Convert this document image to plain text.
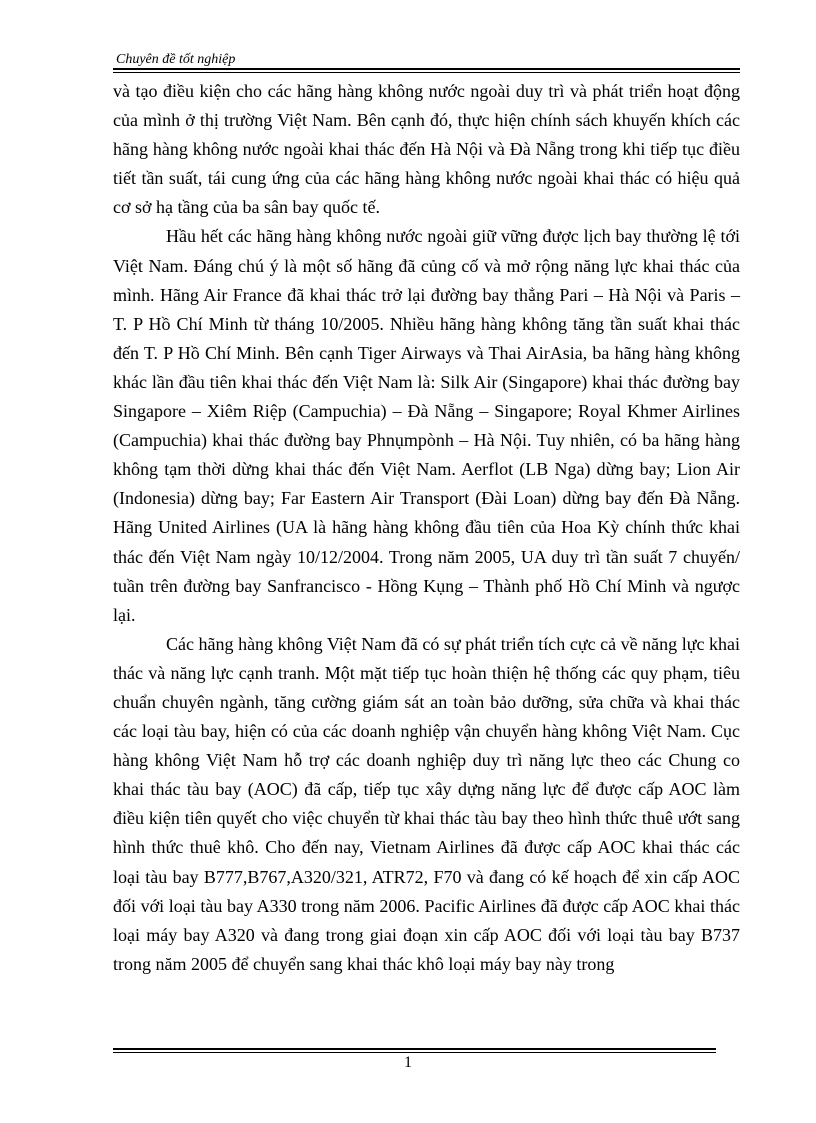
Chuyên đề tốt nghiệp

và tạo điều kiện cho các hãng hàng không nước ngoài duy trì và phát triển hoạt động của mình ở thị trường Việt Nam. Bên cạnh đó, thực hiện chính sách khuyến khích các hãng hàng không nước ngoài khai thác đến Hà Nội và Đà Nẵng trong khi tiếp tục điều tiết tần suất, tái cung ứng của các hãng hàng không nước ngoài khai thác có hiệu quả cơ sở hạ tầng của ba sân bay quốc tế.

Hầu hết các hãng hàng không nước ngoài giữ vững được lịch bay thường lệ tới Việt Nam. Đáng chú ý là một số hãng đã củng cố và mở rộng năng lực khai thác của mình. Hãng Air France đã khai thác trở lại đường bay thẳng Pari – Hà Nội và Paris – T. P Hồ Chí Minh từ tháng 10/2005. Nhiều hãng hàng không tăng tần suất khai thác đến T. P Hồ Chí Minh. Bên cạnh Tiger Airways và Thai AirAsia, ba hãng hàng không khác lần đầu tiên khai thác đến Việt Nam là: Silk Air (Singapore) khai thác đường bay Singapore – Xiêm Riệp (Campuchia) – Đà Nẵng – Singapore; Royal Khmer Airlines (Campuchia) khai thác đường bay Phnụmpònh – Hà Nội. Tuy nhiên, có ba hãng hàng không tạm thời dừng khai thác đến Việt Nam. Aerflot (LB Nga) dừng bay; Lion Air (Indonesia) dừng bay; Far Eastern Air Transport (Đài Loan) dừng bay đến Đà Nẵng. Hãng United Airlines (UA là hãng hàng không đầu tiên của Hoa Kỳ chính thức khai thác đến Việt Nam ngày 10/12/2004. Trong năm 2005, UA duy trì tần suất 7 chuyến/ tuần trên đường bay Sanfrancisco - Hồng Kụng – Thành phố Hồ Chí Minh và ngược lại.

Các hãng hàng không Việt Nam đã có sự phát triển tích cực cả về năng lực khai thác và năng lực cạnh tranh. Một mặt tiếp tục hoàn thiện hệ thống các quy phạm, tiêu chuẩn chuyên ngành, tăng cường giám sát an toàn bảo dưỡng, sửa chữa và khai thác các loại tàu bay, hiện có của các doanh nghiệp vận chuyển hàng không Việt Nam. Cục hàng không Việt Nam hỗ trợ các doanh nghiệp duy trì năng lực theo các Chung co khai thác tàu bay (AOC) đã cấp, tiếp tục xây dựng năng lực để được cấp AOC làm điều kiện tiên quyết cho việc chuyển từ khai thác tàu bay theo hình thức thuê ướt sang hình thức thuê khô. Cho đến nay, Vietnam Airlines đã được cấp AOC khai thác các loại tàu bay B777,B767,A320/321, ATR72, F70 và đang có kế hoạch để xin cấp AOC đối với loại tàu bay A330 trong năm 2006. Pacific Airlines đã được cấp AOC khai thác loại máy bay A320 và đang trong giai đoạn xin cấp AOC đối với loại tàu bay B737 trong năm 2005 để chuyển sang khai thác khô loại máy bay này trong

1
